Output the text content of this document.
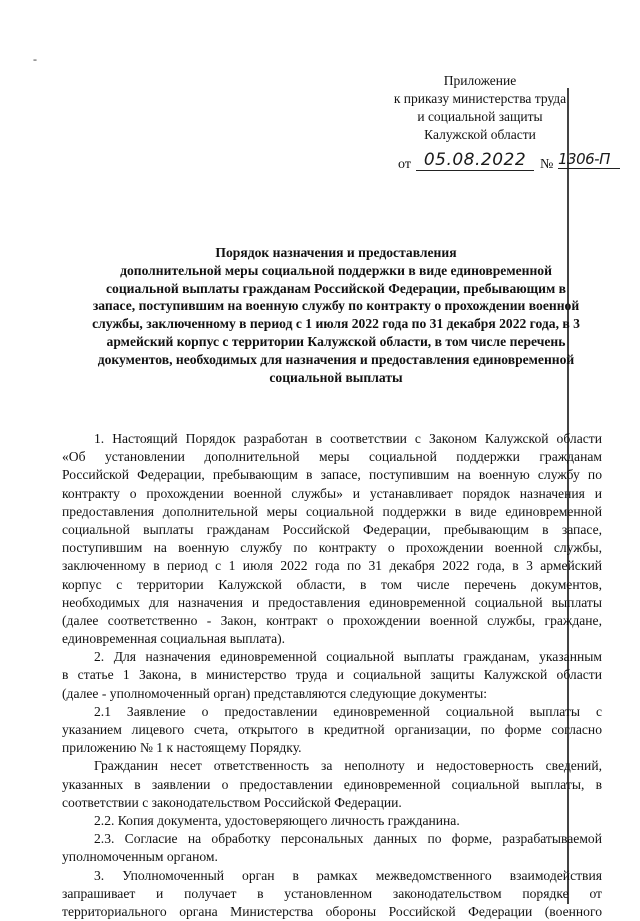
-
Приложение
к приказу министерства труда
и социальной защиты
Калужской области
от 05.08.2022 № 1306-П
Порядок назначения и предоставления
дополнительной меры социальной поддержки в виде единовременной
социальной выплаты гражданам Российской Федерации, пребывающим в
запасе, поступившим на военную службу по контракту о прохождении военной
службы, заключенному в период с 1 июля 2022 года по 31 декабря 2022 года, в 3
армейский корпус с территории Калужской области, в том числе перечень
документов, необходимых для назначения и предоставления единовременной
социальной выплаты
1. Настоящий Порядок разработан в соответствии с Законом Калужской области
«Об установлении дополнительной меры социальной поддержки гражданам
Российской Федерации, пребывающим в запасе, поступившим на военную службу по
контракту о прохождении военной службы» и устанавливает порядок назначения и
предоставления дополнительной меры социальной поддержки в виде единовременной
социальной выплаты гражданам Российской Федерации, пребывающим в запасе,
поступившим на военную службу по контракту о прохождении военной службы,
заключенному в период с 1 июля 2022 года по 31 декабря 2022 года, в 3 армейский
корпус с территории Калужской области, в том числе перечень документов,
необходимых для назначения и предоставления единовременной социальной выплаты
(далее соответственно - Закон, контракт о прохождении военной службы, граждане,
единовременная социальная выплата).
2. Для назначения единовременной социальной выплаты гражданам, указанным
в статье 1 Закона, в министерство труда и социальной защиты Калужской области
(далее - уполномоченный орган) представляются следующие документы:
2.1 Заявление о предоставлении единовременной социальной выплаты с
указанием лицевого счета, открытого в кредитной организации, по форме согласно
приложению № 1 к настоящему Порядку.
Гражданин несет ответственность за неполноту и недостоверность сведений,
указанных в заявлении о предоставлении единовременной социальной выплаты, в
соответствии с законодательством Российской Федерации.
2.2. Копия документа, удостоверяющего личность гражданина.
2.3. Согласие на обработку персональных данных по форме, разрабатываемой
уполномоченным органом.
3. Уполномоченный орган в рамках межведомственного взаимодействия
запрашивает и получает в установленном законодательством порядке от
территориального органа Министерства обороны Российской Федерации (военного
